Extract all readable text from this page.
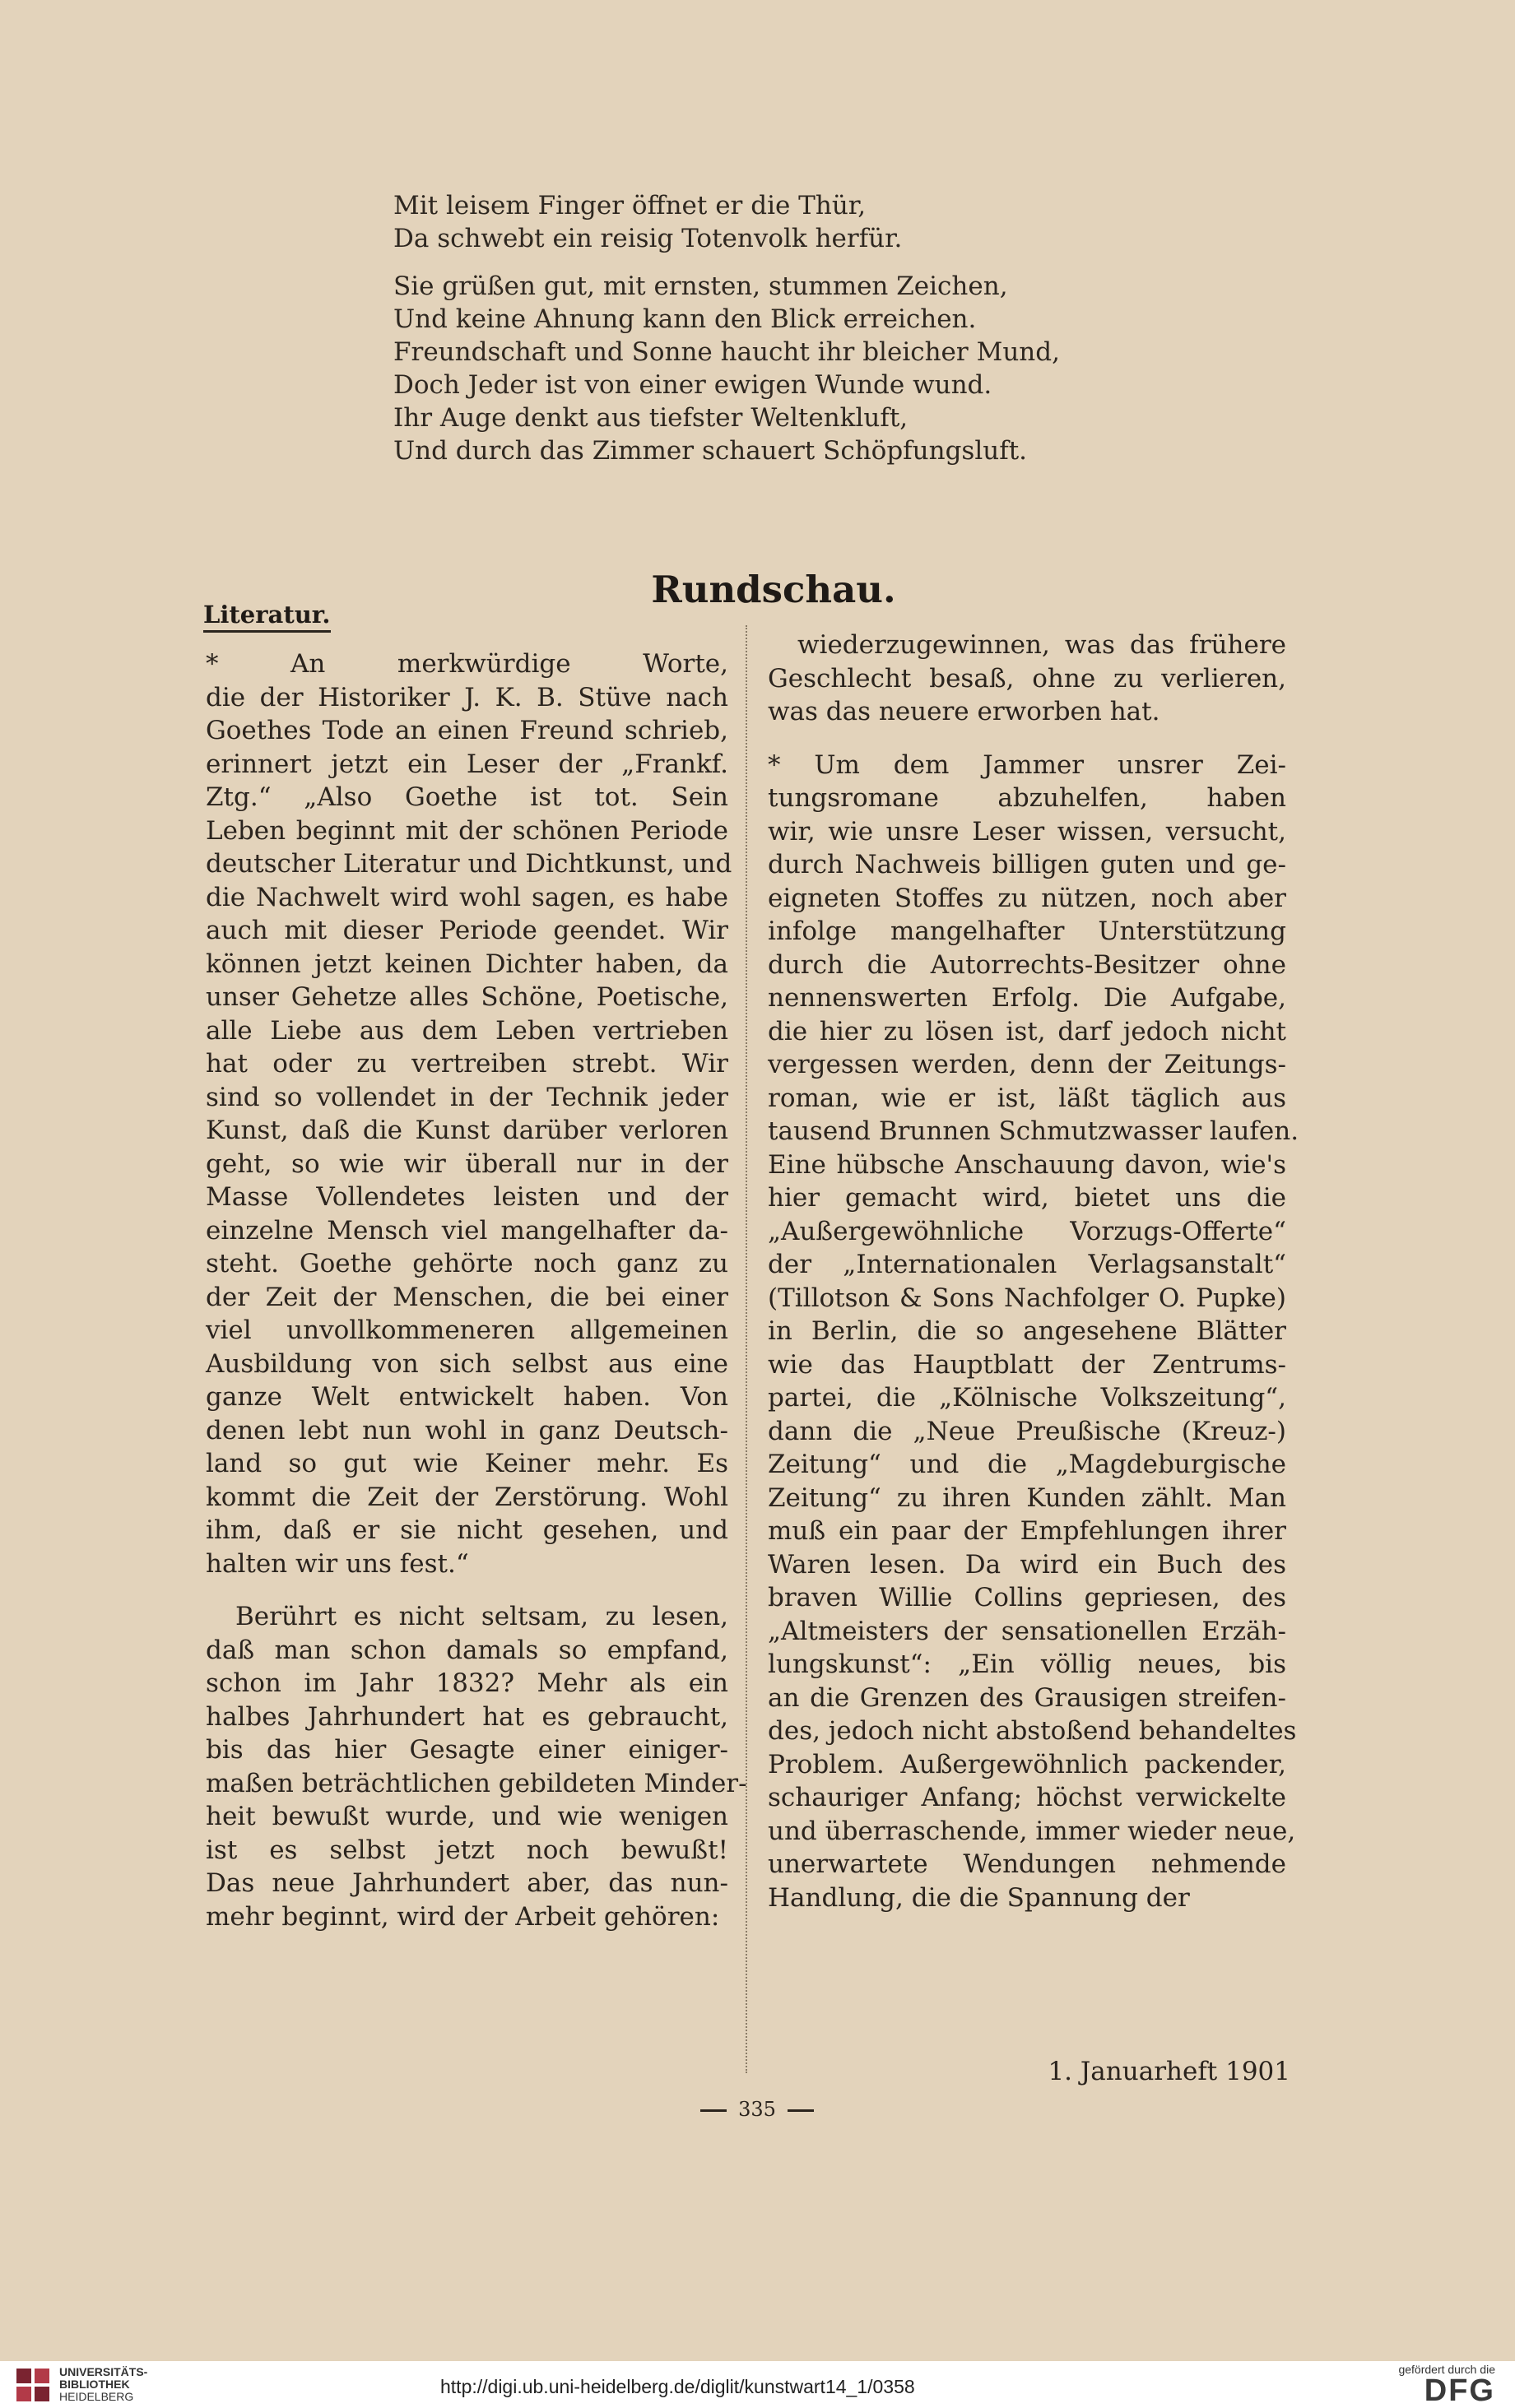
Mit leisem Finger öffnet er die Thür,
Da schwebt ein reisig Totenvolk herfür.
Sie grüßen gut, mit ernsten, stummen Zeichen,
Und keine Ahnung kann den Blick erreichen.
Freundschaft und Sonne haucht ihr bleicher Mund,
Doch Jeder ist von einer ewigen Wunde wund.
Ihr Auge denkt aus tiefster Weltenkluft,
Und durch das Zimmer schauert Schöpfungsluft.
Rundschau.
Literatur.
* An merkwürdige Worte,
die der Historiker J. K. B. Stüve nach
Goethes Tode an einen Freund schrieb,
erinnert jetzt ein Leser der „Frankf.
Ztg.“ „Also Goethe ist tot. Sein
Leben beginnt mit der schönen Periode
deutscher Literatur und Dichtkunst, und
die Nachwelt wird wohl sagen, es habe
auch mit dieser Periode geendet. Wir
können jetzt keinen Dichter haben, da
unser Gehetze alles Schöne, Poetische,
alle Liebe aus dem Leben vertrieben
hat oder zu vertreiben strebt. Wir
sind so vollendet in der Technik jeder
Kunst, daß die Kunst darüber verloren
geht, so wie wir überall nur in der
Masse Vollendetes leisten und der
einzelne Mensch viel mangelhafter da-
steht. Goethe gehörte noch ganz zu
der Zeit der Menschen, die bei einer
viel unvollkommeneren allgemeinen
Ausbildung von sich selbst aus eine
ganze Welt entwickelt haben. Von
denen lebt nun wohl in ganz Deutsch-
land so gut wie Keiner mehr. Es
kommt die Zeit der Zerstörung. Wohl
ihm, daß er sie nicht gesehen, und
halten wir uns fest.“
Berührt es nicht seltsam, zu lesen,
daß man schon damals so empfand,
schon im Jahr 1832? Mehr als ein
halbes Jahrhundert hat es gebraucht,
bis das hier Gesagte einer einiger-
maßen beträchtlichen gebildeten Minder-
heit bewußt wurde, und wie wenigen
ist es selbst jetzt noch bewußt!
Das neue Jahrhundert aber, das nun-
mehr beginnt, wird der Arbeit gehören:
wiederzugewinnen, was das frühere
Geschlecht besaß, ohne zu verlieren,
was das neuere erworben hat.
* Um dem Jammer unsrer Zei-
tungsromane abzuhelfen, haben
wir, wie unsre Leser wissen, versucht,
durch Nachweis billigen guten und ge-
eigneten Stoffes zu nützen, noch aber
infolge mangelhafter Unterstützung
durch die Autorrechts-Besitzer ohne
nennenswerten Erfolg. Die Aufgabe,
die hier zu lösen ist, darf jedoch nicht
vergessen werden, denn der Zeitungs-
roman, wie er ist, läßt täglich aus
tausend Brunnen Schmutzwasser laufen.
Eine hübsche Anschauung davon, wie's
hier gemacht wird, bietet uns die
„Außergewöhnliche Vorzugs-Offerte“
der „Internationalen Verlagsanstalt“
(Tillotson & Sons Nachfolger O. Pupke)
in Berlin, die so angesehene Blätter
wie das Hauptblatt der Zentrums-
partei, die „Kölnische Volkszeitung“,
dann die „Neue Preußische (Kreuz-)
Zeitung“ und die „Magdeburgische
Zeitung“ zu ihren Kunden zählt. Man
muß ein paar der Empfehlungen ihrer
Waren lesen. Da wird ein Buch des
braven Willie Collins gepriesen, des
„Altmeisters der sensationellen Erzäh-
lungskunst“: „Ein völlig neues, bis
an die Grenzen des Grausigen streifen-
des, jedoch nicht abstoßend behandeltes
Problem. Außergewöhnlich packender,
schauriger Anfang; höchst verwickelte
und überraschende, immer wieder neue,
unerwartete Wendungen nehmende
Handlung, die die Spannung der
1. Januarheft 1901
335
UNIVERSITÄTS-
BIBLIOTHEK
HEIDELBERG	http://digi.ub.uni-heidelberg.de/diglit/kunstwart14_1/0358
gefördert durch die
DFG
